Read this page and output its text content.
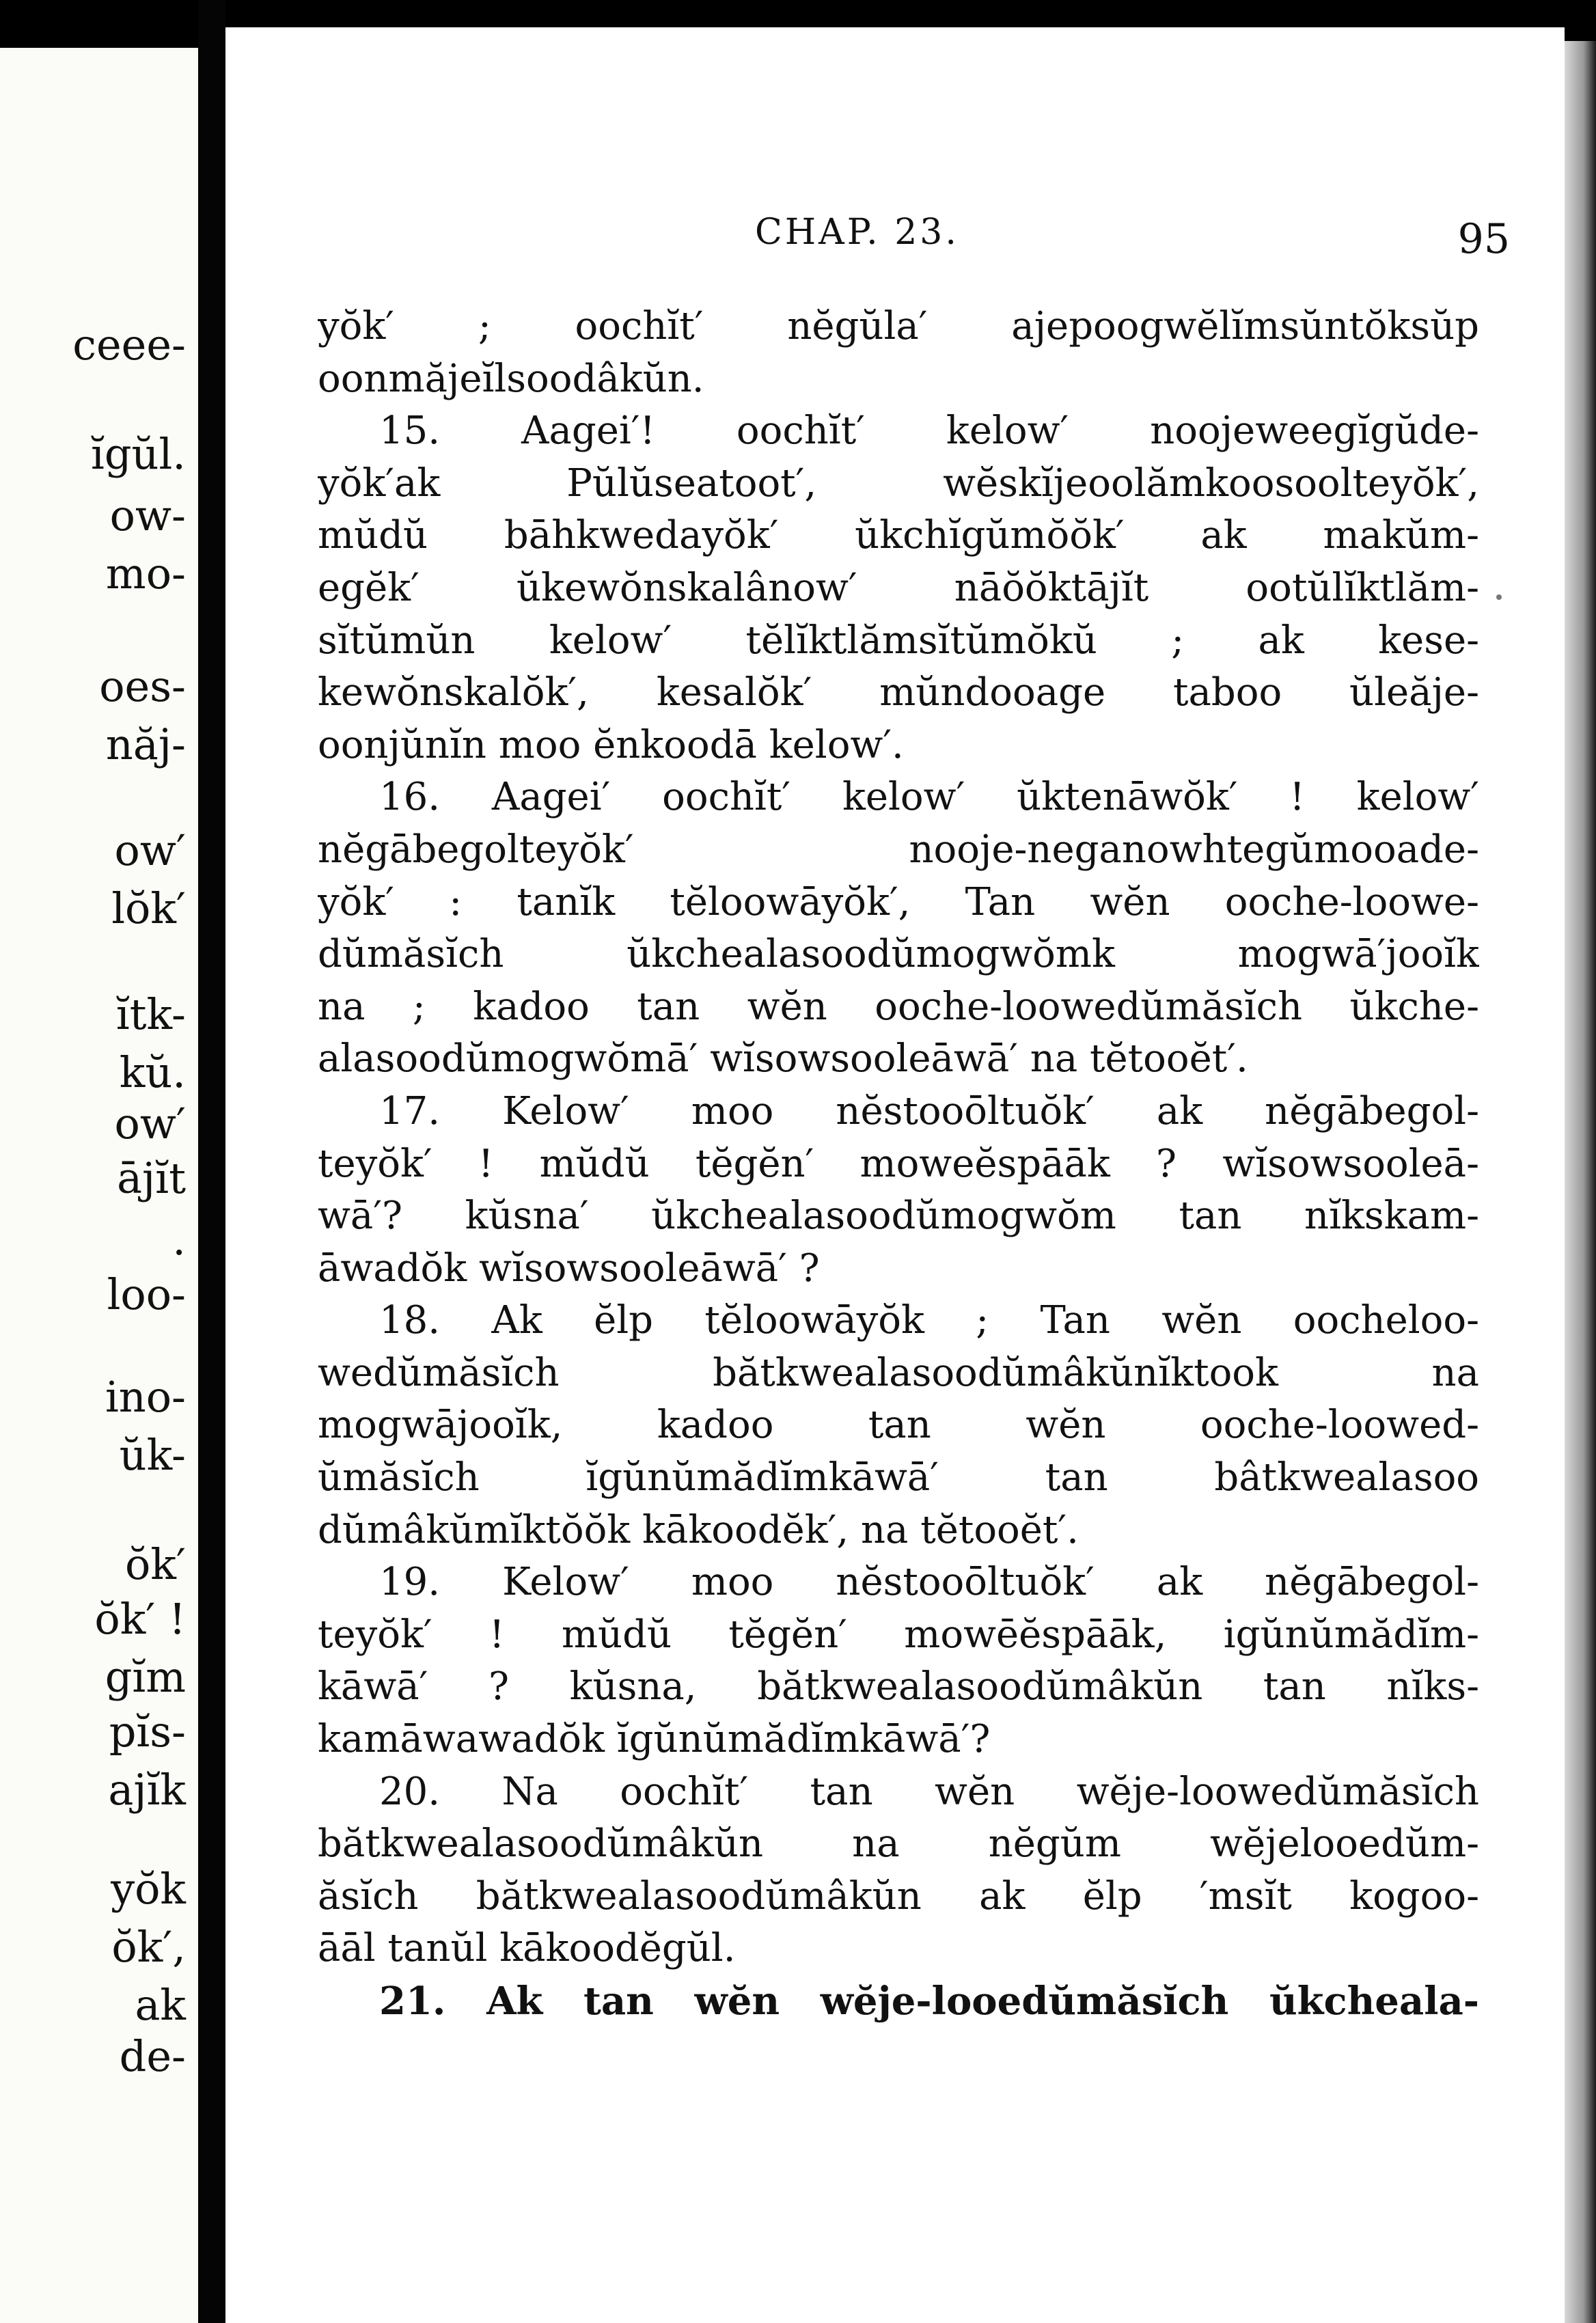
ceee-
ĭgŭl.
ow-
mo-
oes-
năj-
ow′
lŏk′
ĭtk-
kŭ.
ow′
ājĭt
.
loo-
ino-
ŭk-
ŏk′
ŏk′ !
gĭm
pĭs-
ajĭk
yŏk
ŏk′,
ak
de-
CHAP. 23.	95
yŏk′ ; oochĭt′ nĕgŭla′ ajepoogwĕlĭmsŭntŏksŭp
oonmăjeĭlsoodâkŭn.
15. Aagei′! oochĭt′ kelow′ noojeweegĭgŭde-
yŏk′ak Pŭlŭseatoot′, wĕskĭjeoolămkoosoolteyŏk′,
mŭdŭ bāhkwedayŏk′ ŭkchĭgŭmŏŏk′ ak makŭm-
egĕk′ ŭkewŏnskalânow′ nāŏŏktājĭt ootŭlĭktlăm-
sĭtŭmŭn kelow′ tĕlĭktlămsĭtŭmŏkŭ ; ak kese-
kewŏnskalŏk′, kesalŏk′ mŭndooage taboo ŭleăje-
oonjŭnĭn moo ĕnkoodā kelow′.
16. Aagei′ oochĭt′ kelow′ ŭktenāwŏk′ ! kelow′
nĕgābegolteyŏk′ nooje-neganowhtegŭmooade-
yŏk′ : tanĭk tĕloowāyŏk′, Tan wĕn ooche-loowe-
dŭmăsĭch ŭkchealasoodŭmogwŏmk mogwā′jooĭk
na ; kadoo tan wĕn ooche-loowedŭmăsĭch ŭkche-
alasoodŭmogwŏmā′ wĭsowsooleāwā′ na tĕtooĕt′.
17. Kelow′ moo nĕstooōltuŏk′ ak nĕgābegol-
teyŏk′ ! mŭdŭ tĕgĕn′ moweĕspāāk ? wĭsowsooleā-
wā′? kŭsna′ ŭkchealasoodŭmogwŏm tan nĭkskam-
āwadŏk wĭsowsooleāwā′ ?
18. Ak ĕlp tĕloowāyŏk ; Tan wĕn oocheloo-
wedŭmăsĭch bătkwealasoodŭmâkŭnĭktook na
mogwājooĭk, kadoo tan wĕn ooche-loowed-
ŭmăsĭch ĭgŭnŭmădĭmkāwā′ tan bâtkwealasoo
dŭmâkŭmĭktŏŏk kākoodĕk′, na tĕtooĕt′.
19. Kelow′ moo nĕstooōltuŏk′ ak nĕgābegol-
teyŏk′ ! mŭdŭ tĕgĕn′ mowēĕspāāk, igŭnŭmădĭm-
kāwā′ ? kŭsna, bătkwealasoodŭmâkŭn tan nĭks-
kamāwawadŏk ĭgŭnŭmădĭmkāwā′?
20. Na oochĭt′ tan wĕn wĕje-loowedŭmăsĭch
bătkwealasoodŭmâkŭn na nĕgŭm wĕjelooedŭm-
ăsĭch bătkwealasoodŭmâkŭn ak ĕlp ′msĭt kogoo-
āāl tanŭl kākoodĕgŭl.
21. Ak tan wĕn wĕje-looedŭmăsĭch ŭkcheala-
